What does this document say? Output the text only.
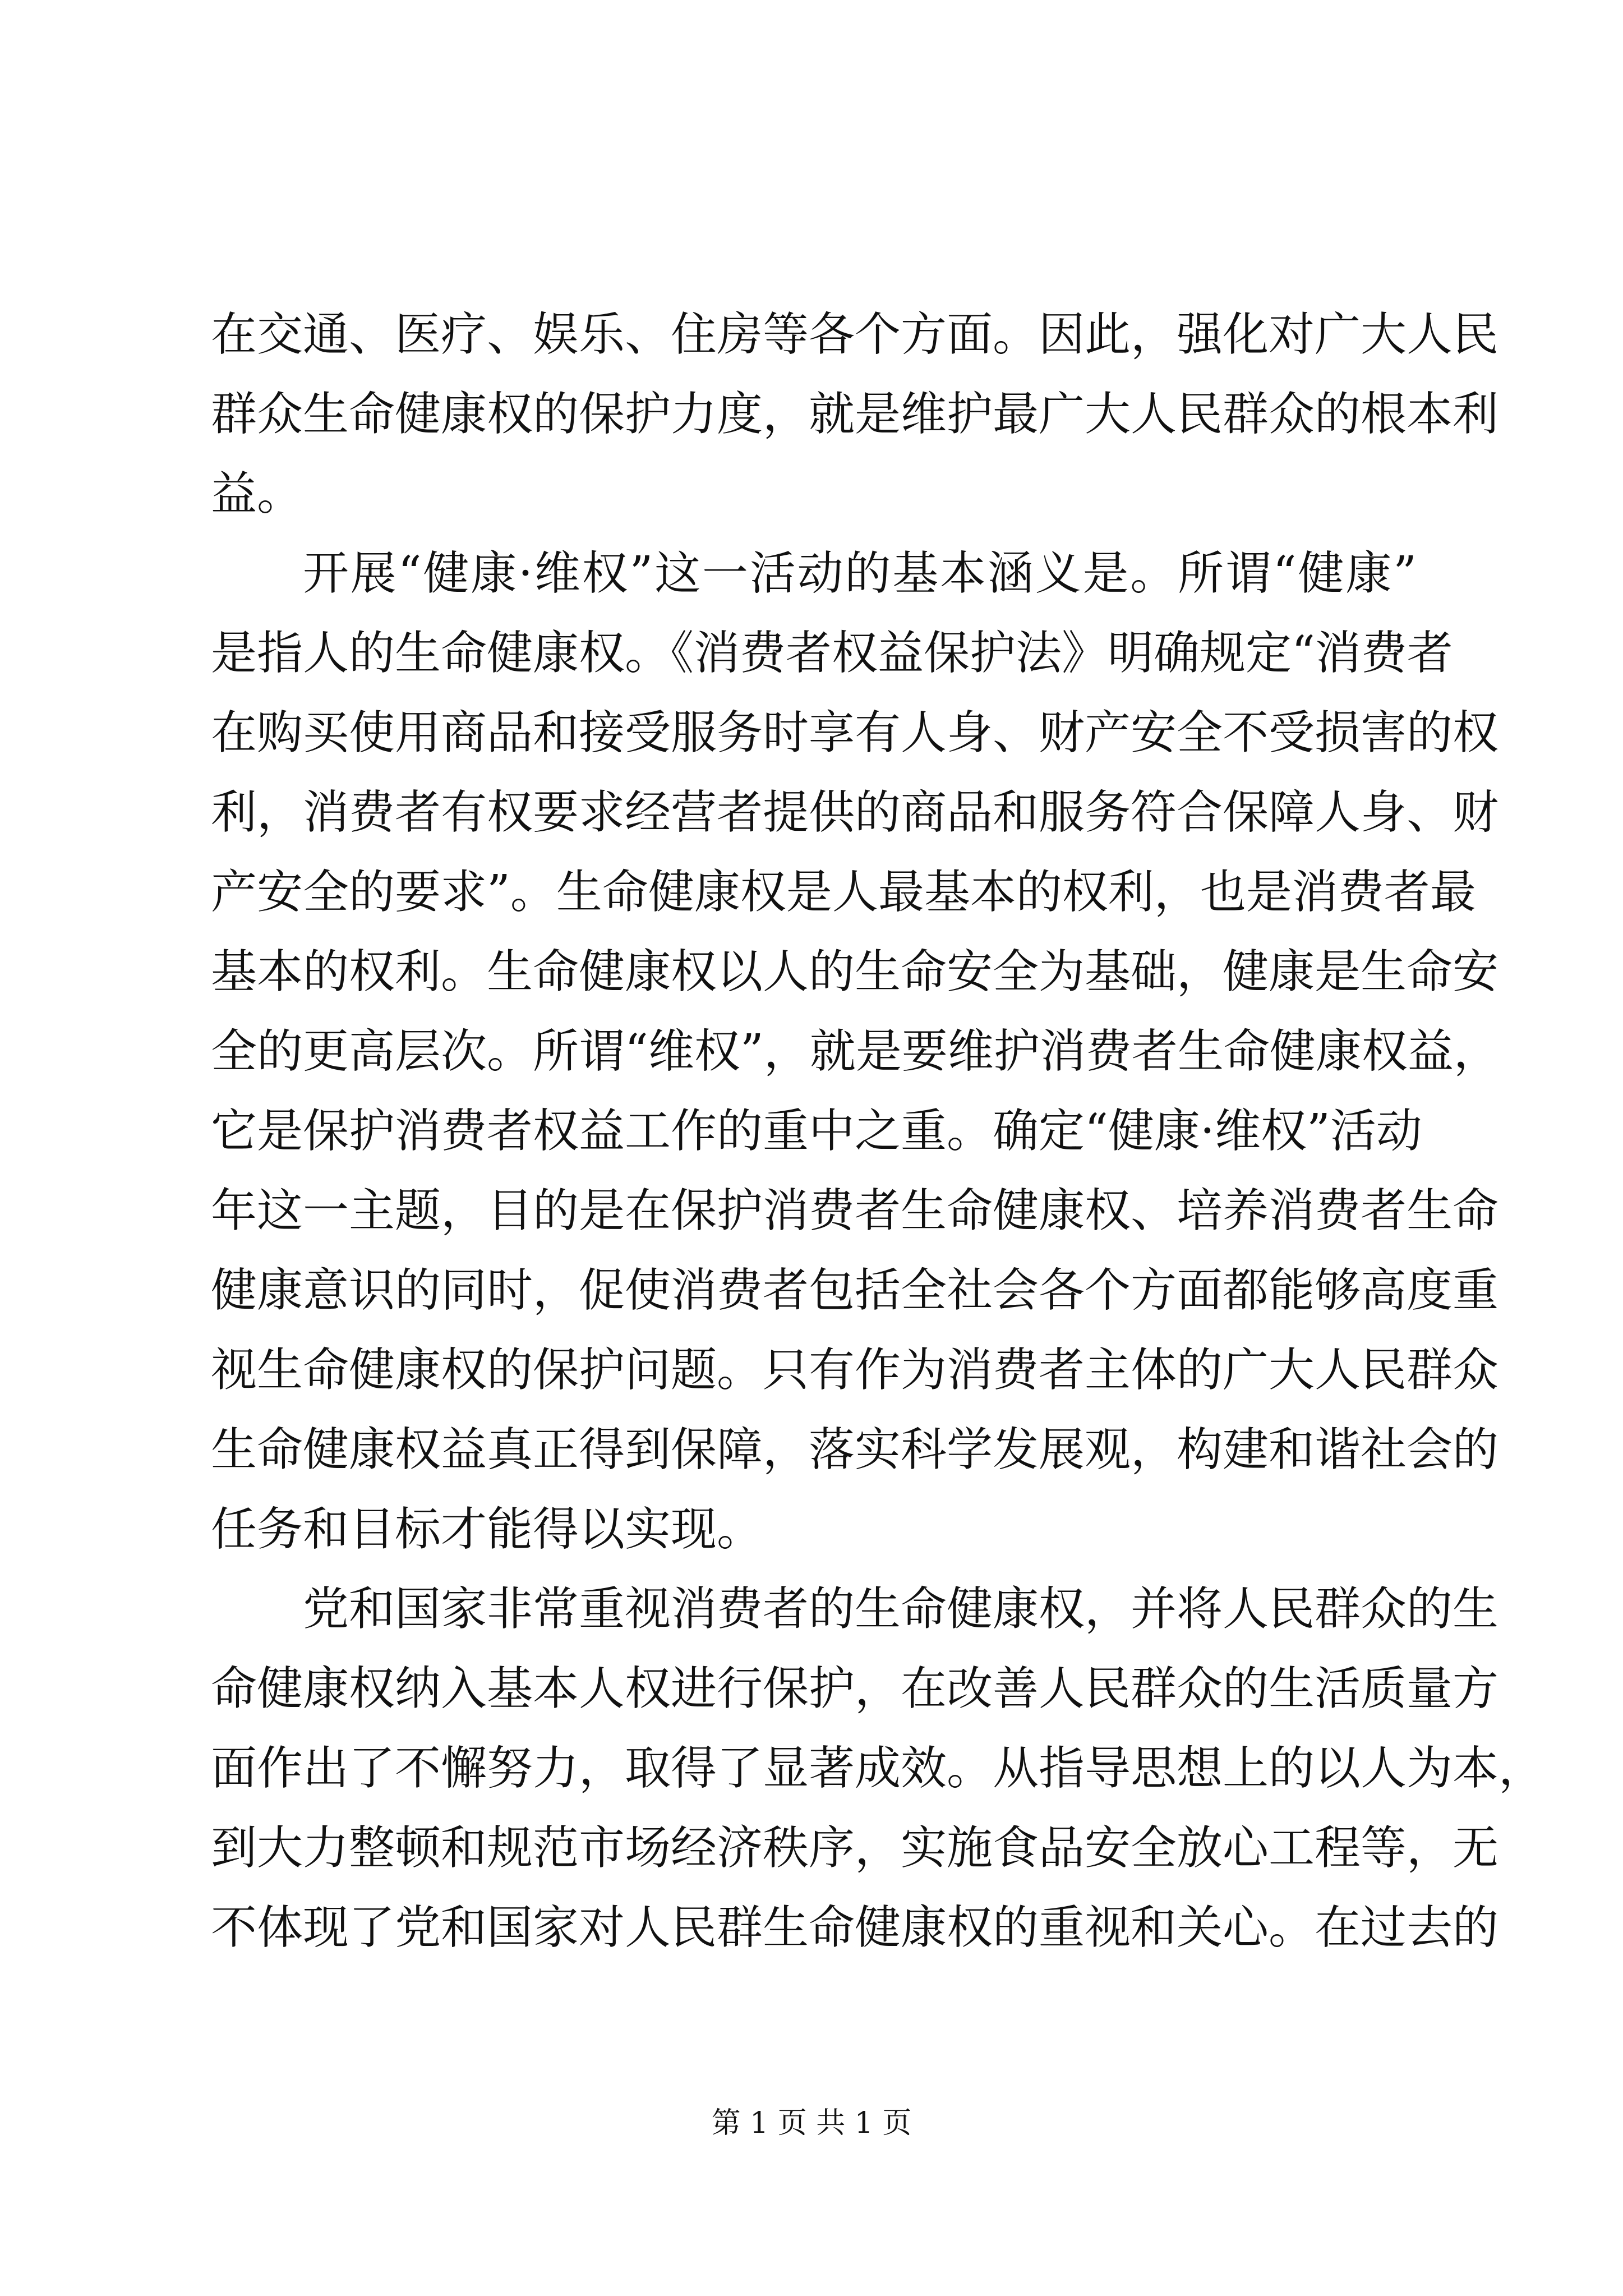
在交通、医疗、娱乐、住房等各个方面。因此，强化对广大人民
群众生命健康权的保护力度，就是维护最广大人民群众的根本利
益。
开展“健康·维权”这一活动的基本涵义是。所谓“健康”
是指人的生命健康权。《消费者权益保护法》明确规定“消费者
在购买使用商品和接受服务时享有人身、财产安全不受损害的权
利，消费者有权要求经营者提供的商品和服务符合保障人身、财
产安全的要求”。生命健康权是人最基本的权利，也是消费者最
基本的权利。生命健康权以人的生命安全为基础，健康是生命安
全的更高层次。所谓“维权”，就是要维护消费者生命健康权益，
它是保护消费者权益工作的重中之重。确定“健康·维权”活动
年这一主题，目的是在保护消费者生命健康权、培养消费者生命
健康意识的同时，促使消费者包括全社会各个方面都能够高度重
视生命健康权的保护问题。只有作为消费者主体的广大人民群众
生命健康权益真正得到保障，落实科学发展观，构建和谐社会的
任务和目标才能得以实现。
党和国家非常重视消费者的生命健康权，并将人民群众的生
命健康权纳入基本人权进行保护，在改善人民群众的生活质量方
面作出了不懈努力，取得了显著成效。从指导思想上的以人为本，
到大力整顿和规范市场经济秩序，实施食品安全放心工程等，无
不体现了党和国家对人民群生命健康权的重视和关心。在过去的
第 1 页 共 1 页
